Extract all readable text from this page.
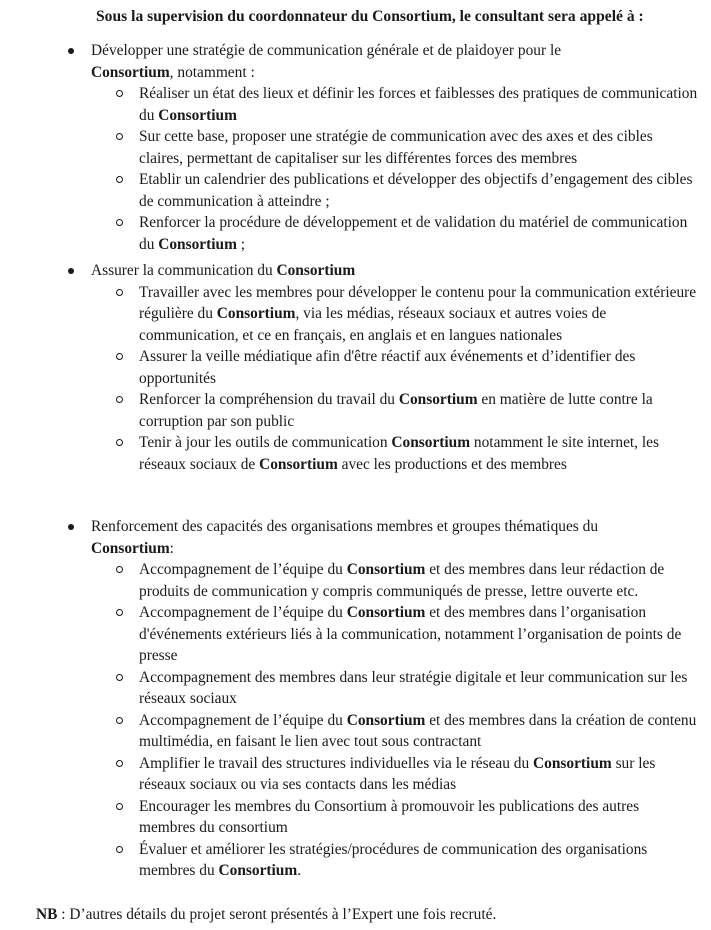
Sous la supervision du coordonnateur du Consortium, le consultant sera appelé à :
Développer une stratégie de communication générale et de plaidoyer pour le
Consortium, notamment :
Réaliser un état des lieux et définir les forces et faiblesses des pratiques de communication du Consortium
Sur cette base, proposer une stratégie de communication avec des axes et des cibles claires, permettant de capitaliser sur les différentes forces des membres
Etablir un calendrier des publications et développer des objectifs d’engagement des cibles de communication à atteindre ;
Renforcer la procédure de développement et de validation du matériel de communication du Consortium ;
Assurer la communication du Consortium
Travailler avec les membres pour développer le contenu pour la communication extérieure régulière du Consortium, via les médias, réseaux sociaux et autres voies de communication, et ce en français, en anglais et en langues nationales
Assurer la veille médiatique afin d'être réactif aux événements et d’identifier des opportunités
Renforcer la compréhension du travail du Consortium en matière de lutte contre la corruption par son public
Tenir à jour les outils de communication Consortium notamment le site internet, les réseaux sociaux de Consortium avec les productions et des membres
Renforcement des capacités des organisations membres et groupes thématiques du
Consortium:
Accompagnement de l’équipe du Consortium et des membres dans leur rédaction de produits de communication y compris communiqués de presse, lettre ouverte etc.
Accompagnement de l’équipe du Consortium et des membres dans l’organisation d'événements extérieurs liés à la communication, notamment l’organisation de points de presse
Accompagnement des membres dans leur stratégie digitale et leur communication sur les réseaux sociaux
Accompagnement de l’équipe du Consortium et des membres dans la création de contenu multimédia, en faisant le lien avec tout sous contractant
Amplifier le travail des structures individuelles via le réseau du Consortium sur les réseaux sociaux ou via ses contacts dans les médias
Encourager les membres du Consortium à promouvoir les publications des autres membres du consortium
Évaluer et améliorer les stratégies/procédures de communication des organisations membres du Consortium.
NB : D’autres détails du projet seront présentés à l’Expert une fois recruté.
